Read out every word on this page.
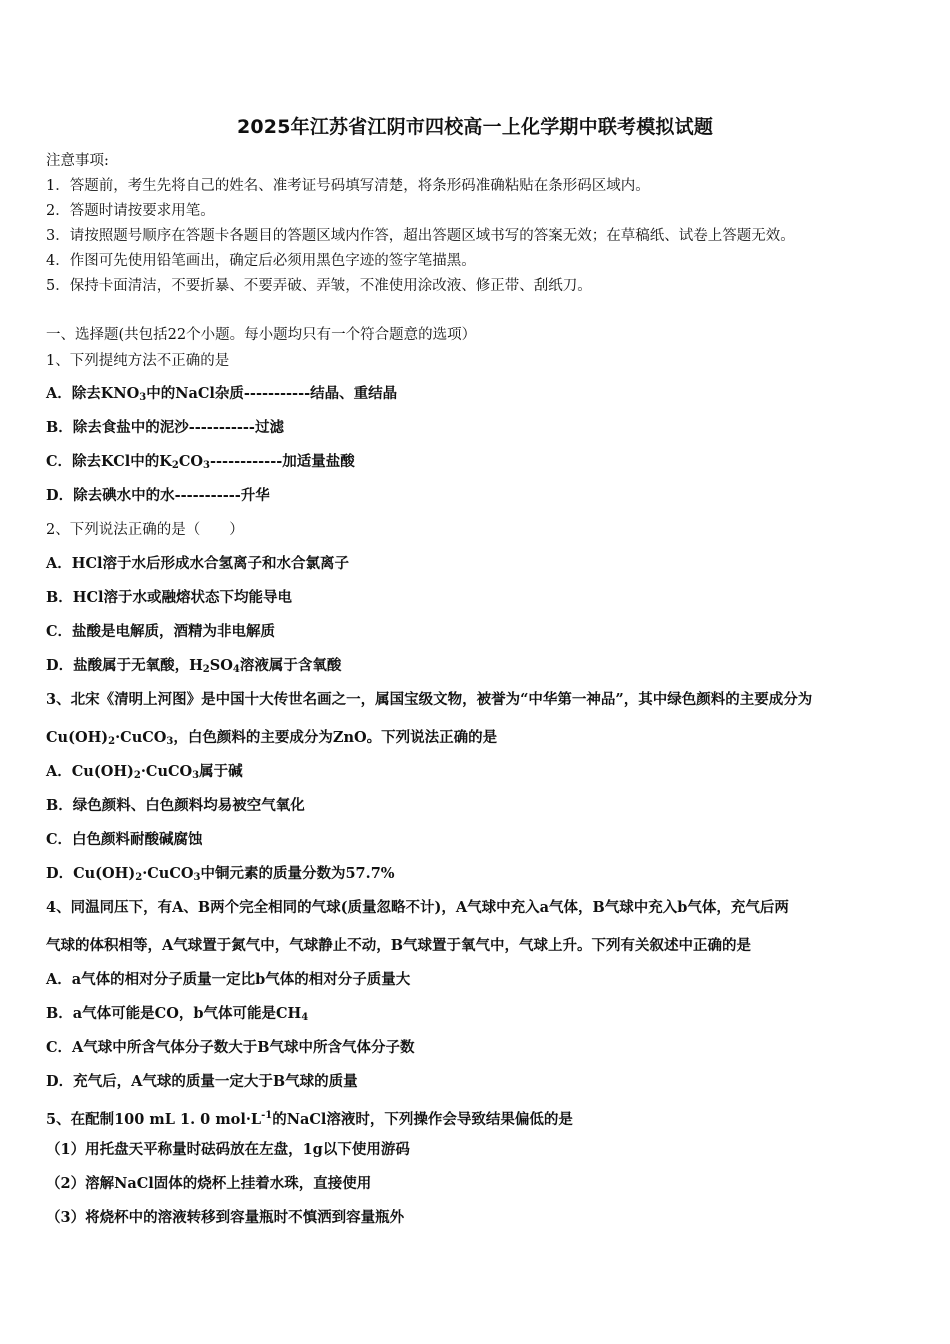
2025年江苏省江阴市四校高一上化学期中联考模拟试题
注意事项:
1．答题前，考生先将自己的姓名、准考证号码填写清楚，将条形码准确粘贴在条形码区域内。
2．答题时请按要求用笔。
3．请按照题号顺序在答题卡各题目的答题区域内作答，超出答题区域书写的答案无效；在草稿纸、试卷上答题无效。
4．作图可先使用铅笔画出，确定后必须用黑色字迹的签字笔描黑。
5．保持卡面清洁，不要折暴、不要弄破、弄皱，不准使用涂改液、修正带、刮纸刀。
一、选择题(共包括22个小题。每小题均只有一个符合题意的选项）
1、下列提纯方法不正确的是
A．除去$KNO_3$中的NaCl杂质-----------结晶、重结晶
B．除去食盐中的泥沙-----------过滤
C．除去KCl中的$K_2CO_3------------$加适量盐酸
D．除去碘水中的水-----------升华
2、下列说法正确的是（　　）
A．HCl溶于水后形成水合氢离子和水合氯离子
B．HCl溶于水或融熔状态下均能导电
C．盐酸是电解质，酒精为非电解质
D．盐酸属于无氧酸，$H_2SO_4$溶液属于含氧酸
3、北宋《清明上河图》是中国十大传世名画之一，属国宝级文物，被誉为“中华第一神品”，其中绿色颜料的主要成分为
$Cu(OH)_2\cdot CuCO_3$，白色颜料的主要成分为ZnO。下列说法正确的是
A．$Cu(OH)_2\cdot CuCO_3$属于碱
B．绿色颜料、白色颜料均易被空气氧化
C．白色颜料耐酸碱腐蚀
D．$Cu(OH)_2\cdot CuCO_3$中铜元素的质量分数为57.7%
4、同温同压下，有A、B两个完全相同的气球(质量忽略不计)，A气球中充入a气体，B气球中充入b气体，充气后两
气球的体积相等，A气球置于氮气中，气球静止不动，B气球置于氧气中，气球上升。下列有关叙述中正确的是
A．a气体的相对分子质量一定比b气体的相对分子质量大
B．a气体可能是CO，b气体可能是$CH_4$
C．A气球中所含气体分子数大于B气球中所含气体分子数
D．充气后，A气球的质量一定大于B气球的质量
5、在配制100 mL 1. 0 $mol\cdot L^{-1}$的NaCl溶液时，下列操作会导致结果偏低的是
（1）用托盘天平称量时砝码放在左盘，1g以下使用游码
（2）溶解NaCl固体的烧杯上挂着水珠，直接使用
（3）将烧杯中的溶液转移到容量瓶时不慎洒到容量瓶外
